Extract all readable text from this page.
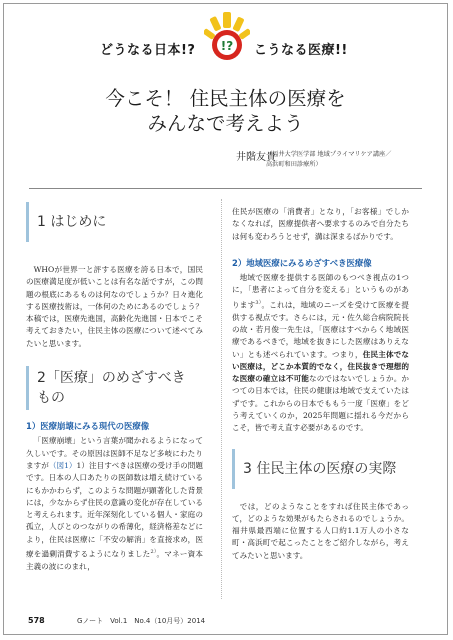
どうなる日本!? !? こうなる医療!!
今こそ！ 住民主体の医療を
みんなで考えよう
井階友貴
（福井大学医学部 地域プライマリケア講座／
高浜町和田診療所）
1 はじめに

WHOが世界一と評する医療を誇る日本で，国民の医療満足度が低いことは有名な話ですが，この問題の根底にあるものは何なのでしょうか？日々進化する医療技術は，一体何のためにあるのでしょう？本稿では，医療先進国，高齢化先進国・日本でこそ考えておきたい，住民主体の医療について述べてみたいと思います。

2「医療」のめざすべき
もの
1）医療崩壊にみる現代の医療像

「医療崩壊」という言葉が聞かれるようになって久しいです。その原因は医師不足など多岐にわたりますが（図1）1）注目すべきは医療の受け手の問題です。日本の人口あたりの医師数は増え続けているにもかかわらず，このような問題が顕著化した背景には，少なからず住民の意識の変化が存在していると考えられます。近年深刻化している個人・家庭の孤立，人びとのつながりの希薄化，経済格差などにより，住民は医療に「不安の解消」を直接求め，医療を過剰消費するようになりました$^{2)}$。マネー資本主義の波にのまれ，

住民が医療の「消費者」となり，「お客様」でしかなくなれば，医療提供者へ要求するのみで自分たちは何も変わろうとせず，溝は深まるばかりです。

2）地域医療にみるめざすべき医療像

地域で医療を提供する医師のもつべき視点の1つに，「患者によって自分を変える」というものがあります$^{3)}$。これは，地域のニーズを受けて医療を提供する視点です。さらには，元・佐久総合病院院長の故・若月俊一先生は，「医療はすべからく地域医療であるべきで，地域を抜きにした医療はありえない」とも述べられています。つまり，住民主体でない医療は，どこか本質的でなく，住民抜きで理想的な医療の確立は不可能なのではないでしょうか。かつての日本では，住民の健康は地域で支えていたはずです。これからの日本でももう一度「医療」をどう考えていくのか，2025年問題に揺れる今だからこそ，皆で考え直す必要があるのです。

3 住民主体の医療の実際

では，どのようなことをすれば住民主体であって，どのような効果がもたらされるのでしょうか。福井県最西端に位置する人口約1.1万人の小さな町・高浜町で起こったことをご紹介しながら，考えてみたいと思います。

578	Gノート　Vol.1　No.4（10月号）2014
